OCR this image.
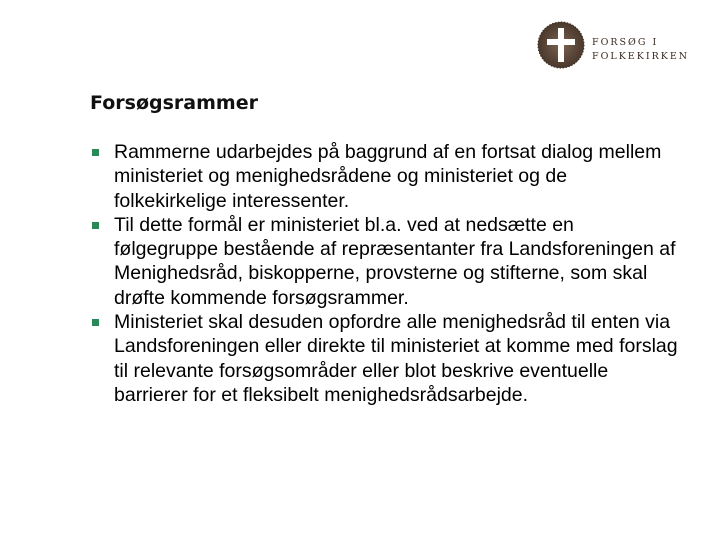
FORSØG I
FOLKEKIRKEN
Forsøgsrammer
Rammerne udarbejdes på baggrund af en fortsat dialog mellem ministeriet og menighedsrådene og ministeriet og de folkekirkelige interessenter.
Til dette formål er ministeriet bl.a. ved at nedsætte en følgegruppe bestående af repræsentanter fra Landsforeningen af Menighedsråd, biskopperne, provsterne og stifterne, som skal drøfte kommende forsøgsrammer.
Ministeriet skal desuden opfordre alle menighedsråd til enten via Landsforeningen eller direkte til ministeriet at komme med forslag til relevante forsøgsområder eller blot beskrive eventuelle barrierer for et fleksibelt menighedsrådsarbejde.
